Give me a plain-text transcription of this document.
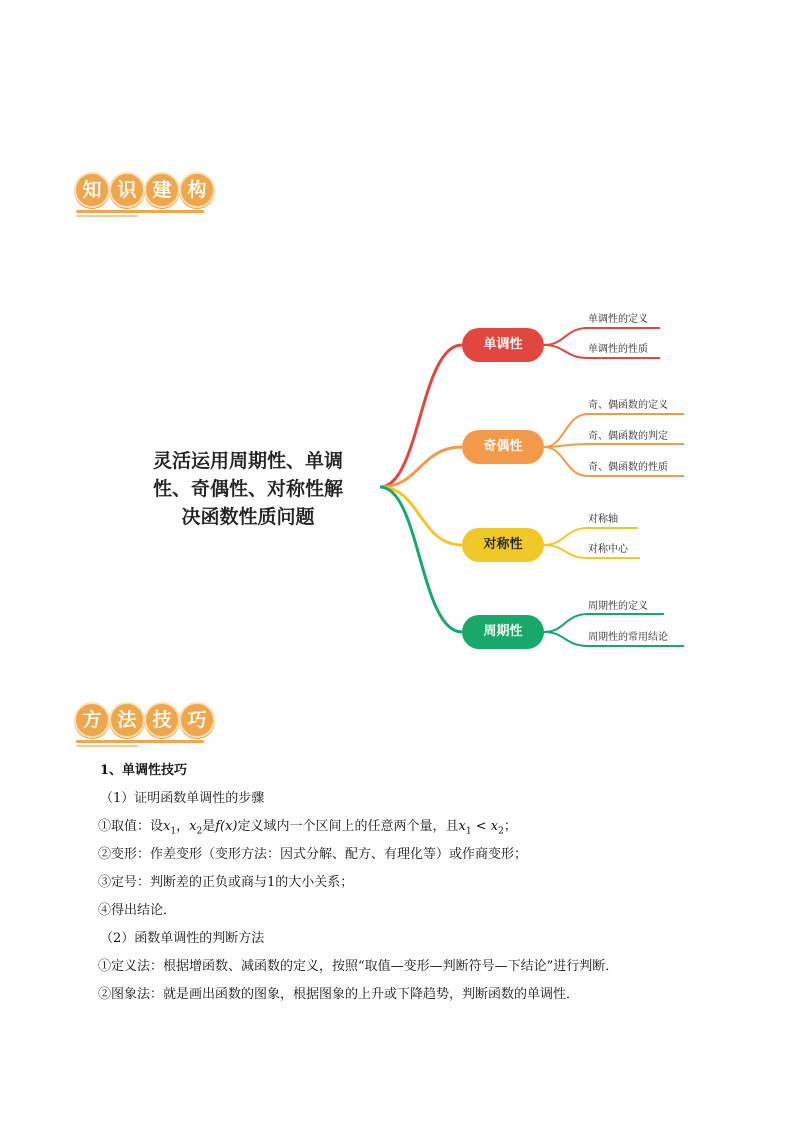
知 识 建 构
灵活运用周期性、单调
性、奇偶性、对称性解
决函数性质问题
单调性
奇偶性
对称性
周期性
单调性的定义
单调性的性质
奇、偶函数的定义
奇、偶函数的判定
奇、偶函数的性质
对称轴
对称中心
周期性的定义
周期性的常用结论
方 法 技 巧
1、单调性技巧
（1）证明函数单调性的步骤
①取值：设$x_1$，$x_2$是f(x)定义域内一个区间上的任意两个量，且$x_1 < x_2$；
②变形：作差变形（变形方法：因式分解、配方、有理化等）或作商变形；
③定号：判断差的正负或商与1的大小关系；
④得出结论．
（2）函数单调性的判断方法
①定义法：根据增函数、减函数的定义，按照“取值—变形—判断符号—下结论”进行判断．
②图象法：就是画出函数的图象，根据图象的上升或下降趋势，判断函数的单调性．
